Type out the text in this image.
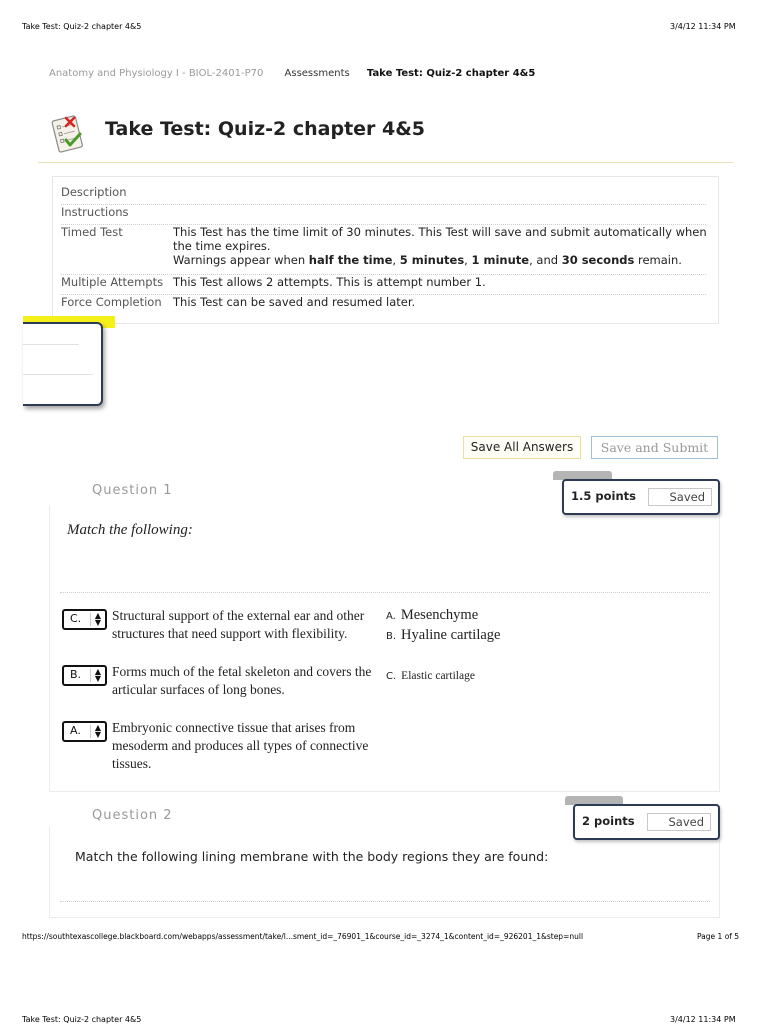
Take Test: Quiz-2 chapter 4&5	3/4/12 11:34 PM
Anatomy and Physiology I - BIOL-2401-P70 Assessments Take Test: Quiz-2 chapter 4&5
Take Test: Quiz-2 chapter 4&5
Description
Instructions
Timed Test	This Test has the time limit of 30 minutes. This Test will save and submit automatically when the time expires.
Warnings appear when half the time, 5 minutes, 1 minute, and 30 seconds remain.
Multiple Attempts This Test allows 2 attempts. This is attempt number 1.
Force Completion This Test can be saved and resumed later.
Save All Answers	Save and Submit
Question 1	1.5 points	Saved
Match the following:
C. ▲
▼ Structural support of the external ear and other structures that need support with flexibility.
B. ▲
▼ Forms much of the fetal skeleton and covers the articular surfaces of long bones.
A. ▲
▼ Embryonic connective tissue that arises from mesoderm and produces all types of connective tissues.
A. Mesenchyme
B. Hyaline cartilage
C. Elastic cartilage
Question 2	2 points	Saved
Match the following lining membrane with the body regions they are found:
https://southtexascollege.blackboard.com/webapps/assessment/take/l...sment_id=_76901_1&course_id=_3274_1&content_id=_926201_1&step=null	Page 1 of 5
Take Test: Quiz-2 chapter 4&5	3/4/12 11:34 PM
